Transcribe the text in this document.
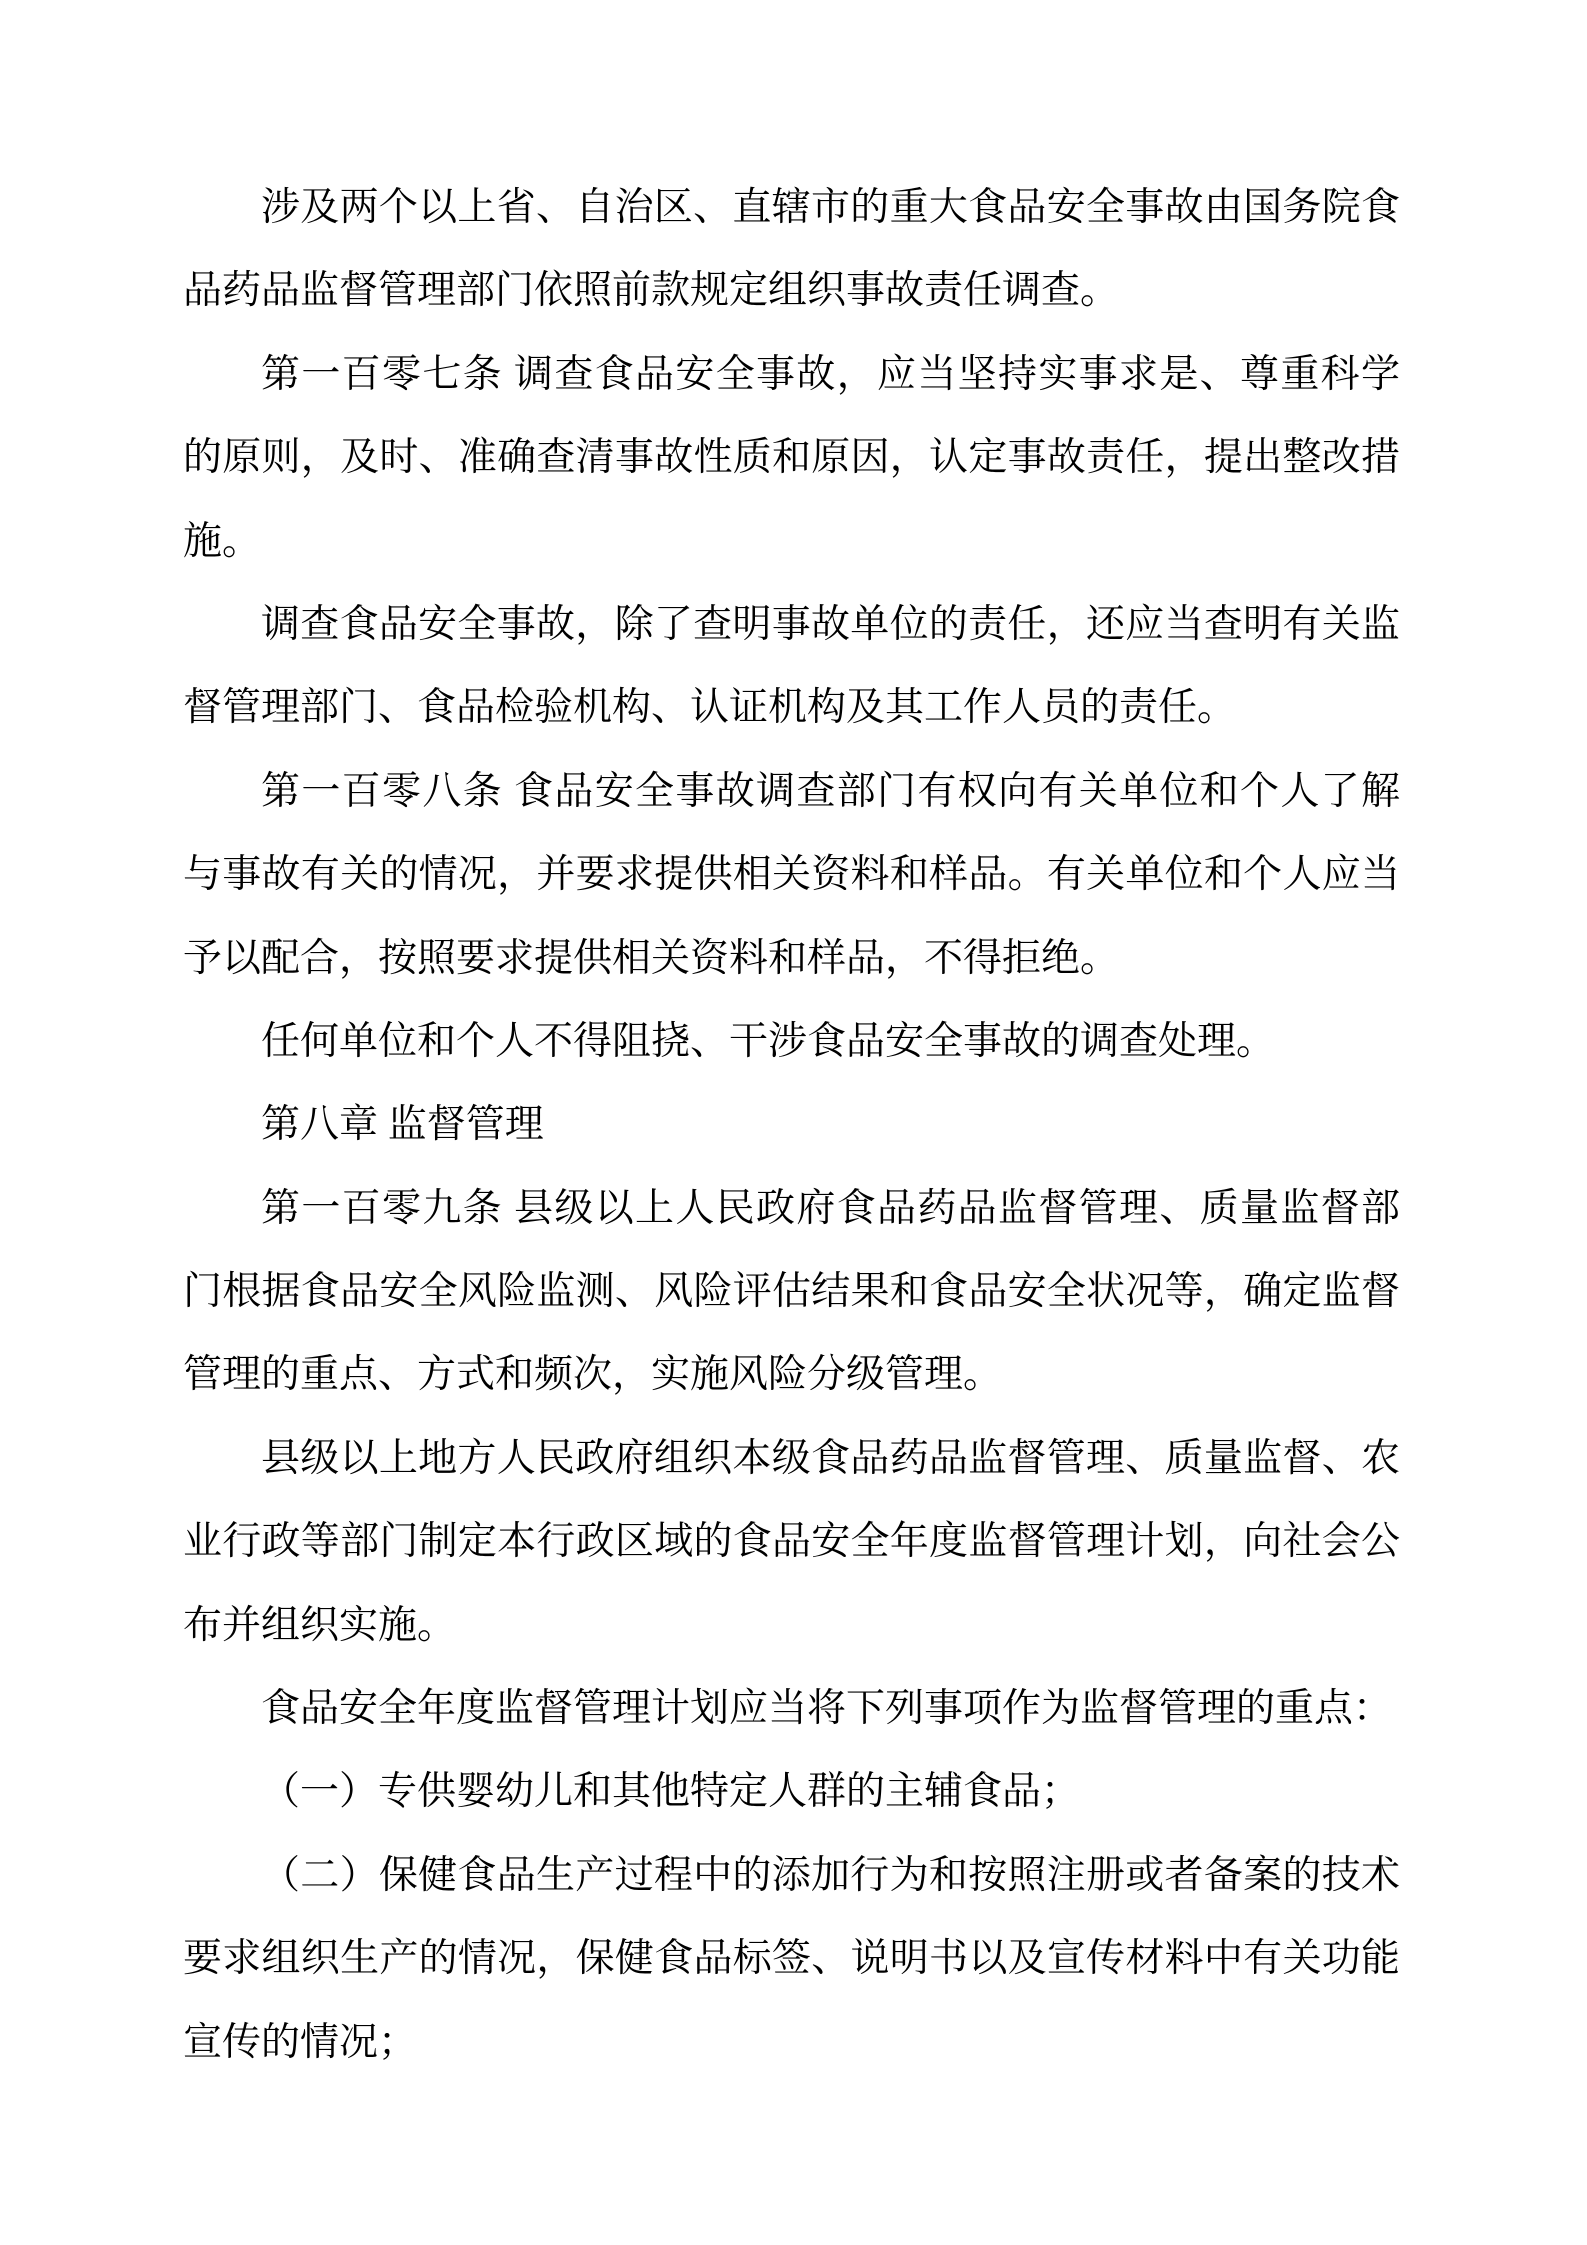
涉及两个以上省、自治区、直辖市的重大食品安全事故由国务院食
品药品监督管理部门依照前款规定组织事故责任调查。
第一百零七条 调查食品安全事故，应当坚持实事求是、尊重科学
的原则，及时、准确查清事故性质和原因，认定事故责任，提出整改措
施。
调查食品安全事故，除了查明事故单位的责任，还应当查明有关监
督管理部门、食品检验机构、认证机构及其工作人员的责任。
第一百零八条 食品安全事故调查部门有权向有关单位和个人了解
与事故有关的情况，并要求提供相关资料和样品。有关单位和个人应当
予以配合，按照要求提供相关资料和样品，不得拒绝。
任何单位和个人不得阻挠、干涉食品安全事故的调查处理。
第八章 监督管理
第一百零九条 县级以上人民政府食品药品监督管理、质量监督部
门根据食品安全风险监测、风险评估结果和食品安全状况等，确定监督
管理的重点、方式和频次，实施风险分级管理。
县级以上地方人民政府组织本级食品药品监督管理、质量监督、农
业行政等部门制定本行政区域的食品安全年度监督管理计划，向社会公
布并组织实施。
食品安全年度监督管理计划应当将下列事项作为监督管理的重点：
（一）专供婴幼儿和其他特定人群的主辅食品；
（二）保健食品生产过程中的添加行为和按照注册或者备案的技术
要求组织生产的情况，保健食品标签、说明书以及宣传材料中有关功能
宣传的情况；
